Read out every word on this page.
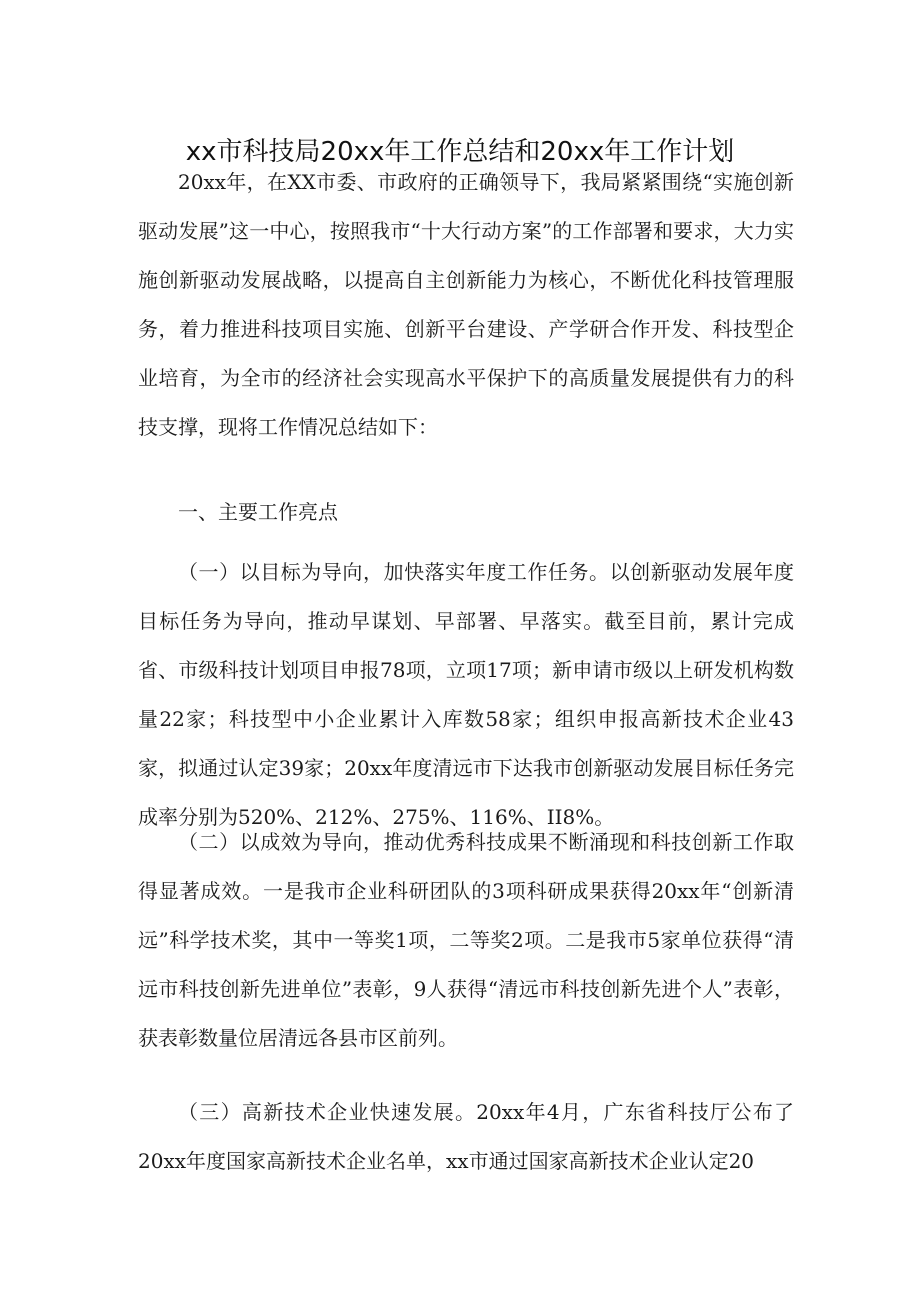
xx市科技局20xx年工作总结和20xx年工作计划

20xx年，在XX市委、市政府的正确领导下，我局紧紧围绕“实施创新驱动发展”这一中心，按照我市“十大行动方案”的工作部署和要求，大力实施创新驱动发展战略，以提高自主创新能力为核心，不断优化科技管理服务，着力推进科技项目实施、创新平台建设、产学研合作开发、科技型企业培育，为全市的经济社会实现高水平保护下的高质量发展提供有力的科技支撑，现将工作情况总结如下：

一、主要工作亮点

（一）以目标为导向，加快落实年度工作任务。以创新驱动发展年度目标任务为导向，推动早谋划、早部署、早落实。截至目前，累计完成省、市级科技计划项目申报78项，立项17项；新申请市级以上研发机构数量22家；科技型中小企业累计入库数58家；组织申报高新技术企业43家，拟通过认定39家；20xx年度清远市下达我市创新驱动发展目标任务完成率分别为520%、212%、275%、116%、II8%。

（二）以成效为导向，推动优秀科技成果不断涌现和科技创新工作取得显著成效。一是我市企业科研团队的3项科研成果获得20xx年“创新清远”科学技术奖，其中一等奖1项，二等奖2项。二是我市5家单位获得“清远市科技创新先进单位”表彰，9人获得“清远市科技创新先进个人”表彰，获表彰数量位居清远各县市区前列。

（三）高新技术企业快速发展。20xx年4月，广东省科技厅公布了20xx年度国家高新技术企业名单，xx市通过国家高新技术企业认定20
